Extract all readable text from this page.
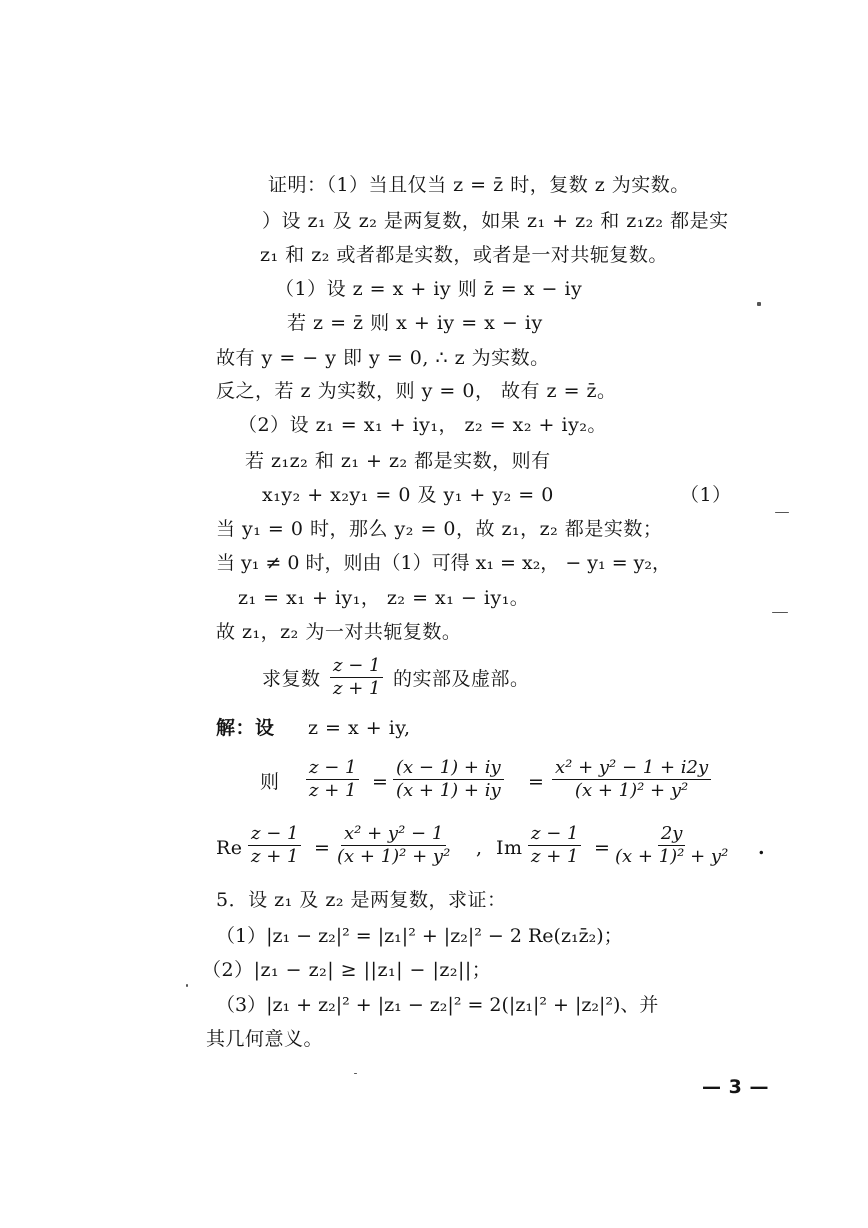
证明：（1）当且仅当 z = z̄ 时，复数 z 为实数。
）设 z₁ 及 z₂ 是两复数，如果 z₁ + z₂ 和 z₁z₂ 都是实
z₁ 和 z₂ 或者都是实数，或者是一对共轭复数。
（1）设 z = x + iy 则 z̄ = x − iy
若 z = z̄ 则 x + iy = x − iy
故有 y = − y 即 y = 0, ∴ z 为实数。
反之，若 z 为实数，则 y = 0， 故有 z = z̄。
（2）设 z₁ = x₁ + iy₁， z₂ = x₂ + iy₂。
若 z₁z₂ 和 z₁ + z₂ 都是实数，则有
x₁y₂ + x₂y₁ = 0 及 y₁ + y₂ = 0	（1）
当 y₁ = 0 时，那么 y₂ = 0，故 z₁，z₂ 都是实数；
当 y₁ ≠ 0 时，则由（1）可得 x₁ = x₂， − y₁ = y₂，
z₁ = x₁ + iy₁， z₂ = x₁ − iy₁。
故 z₁，z₂ 为一对共轭复数。
求复数 $\frac{z - 1}{z + 1}$ 的实部及虚部。
解：设 z = x + iy,
则 $\frac{z - 1}{z + 1} = \frac{(x - 1) + iy}{(x + 1) + iy} = \frac{\text{x² + y² − 1 + i2y}}{\text{(x + 1)² + y²}}$
Re $\frac{z - 1}{z + 1} = \frac{\text{x² + y² − 1}}{\text{(x + 1)² + y²}}$ , Im $\frac{z - 1}{z + 1} = \frac{2y}{\text{(x + 1)² + y²}}$ .
5．设 z₁ 及 z₂ 是两复数，求证：
（1）|z₁ − z₂|² = |z₁|² + |z₂|² − 2 Re(z₁z̄₂)；
（2）|z₁ − z₂| ≥ ||z₁| − |z₂||；
（3）|z₁ + z₂|² + |z₁ − z₂|² = 2(|z₁|² + |z₂|²)、并
其几何意义。
— 3 —
